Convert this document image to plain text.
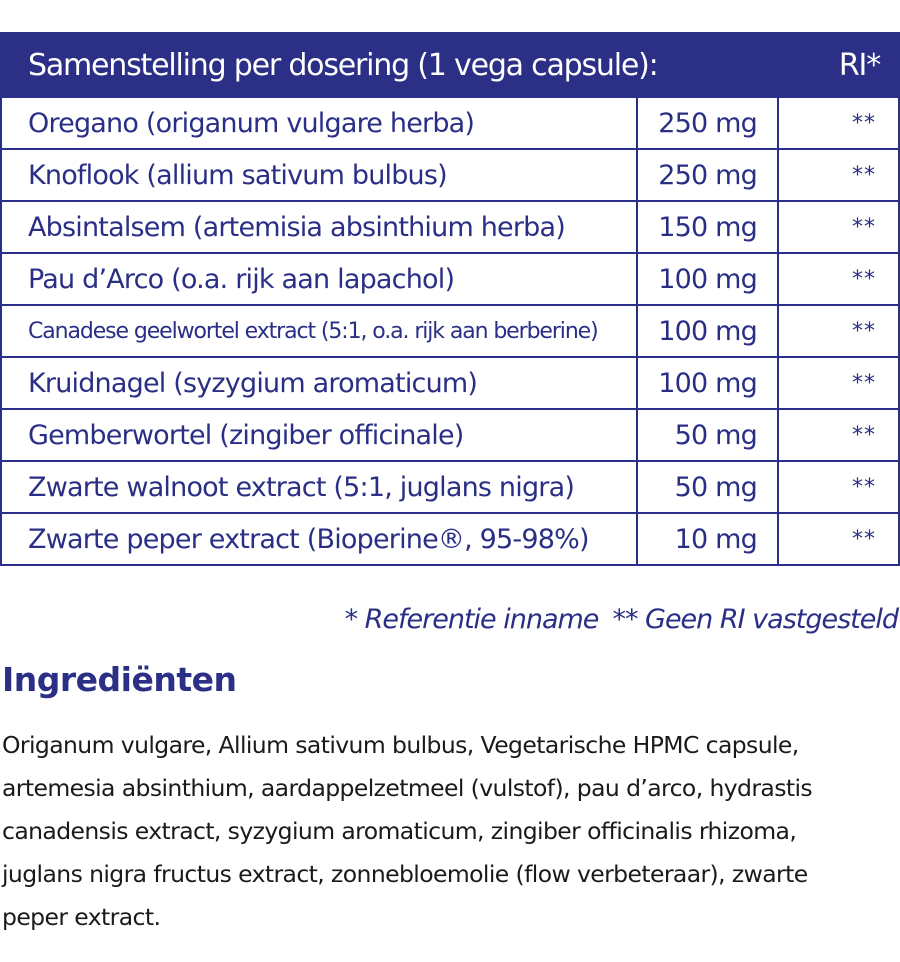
Samenstelling per dosering (1 vega capsule):		RI*
Oregano (origanum vulgare herba)	250 mg	**
Knoflook (allium sativum bulbus)	250 mg	**
Absintalsem (artemisia absinthium herba)	150 mg	**
Pau d’Arco (o.a. rijk aan lapachol)	100 mg	**
Canadese geelwortel extract (5:1, o.a. rijk aan berberine)	100 mg	**
Kruidnagel (syzygium aromaticum)	100 mg	**
Gemberwortel (zingiber officinale)	50 mg	**
Zwarte walnoot extract (5:1, juglans nigra)	50 mg	**
Zwarte peper extract (Bioperine®, 95-98%)	10 mg	**
* Referentie inname ** Geen RI vastgesteld
Ingrediënten

Origanum vulgare, Allium sativum bulbus, Vegetarische HPMC capsule,
artemesia absinthium, aardappelzetmeel (vulstof), pau d’arco, hydrastis
canadensis extract, syzygium aromaticum, zingiber officinalis rhizoma,
juglans nigra fructus extract, zonnebloemolie (flow verbeteraar), zwarte
peper extract.
